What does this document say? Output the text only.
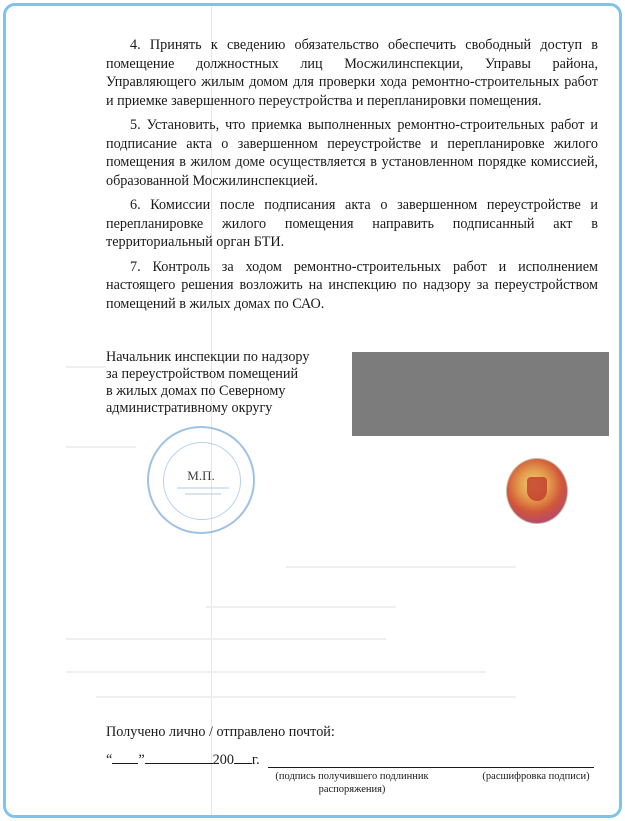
4. Принять к сведению обязательство обеспечить свободный доступ в помещение должностных лиц Мосжилинспекции, Управы района, Управляющего жилым домом для проверки хода ремонтно-строительных работ и приемке завершенного переустройства и перепланировки помещения.

5. Установить, что приемка выполненных ремонтно-строительных работ и подписание акта о завершенном переустройстве и перепланировке жилого помещения в жилом доме осуществляется в установленном порядке комиссией, образованной Мосжилинспекцией.

6. Комиссии после подписания акта о завершенном переустройстве и перепланировке жилого помещения направить подписанный акт в территориальный орган БТИ.

7. Контроль за ходом ремонтно-строительных работ и исполнением настоящего решения возложить на инспекцию по надзору за переустройством помещений в жилых домах по САО.

Начальник инспекции по надзору
за переустройством помещений
в жилых домах по Северному
административному округу
М.П.
Получено лично / отправлено почтой:
“ ”	200 г.
(подпись получившего подлинник распоряжения)
(расшифровка подписи)
